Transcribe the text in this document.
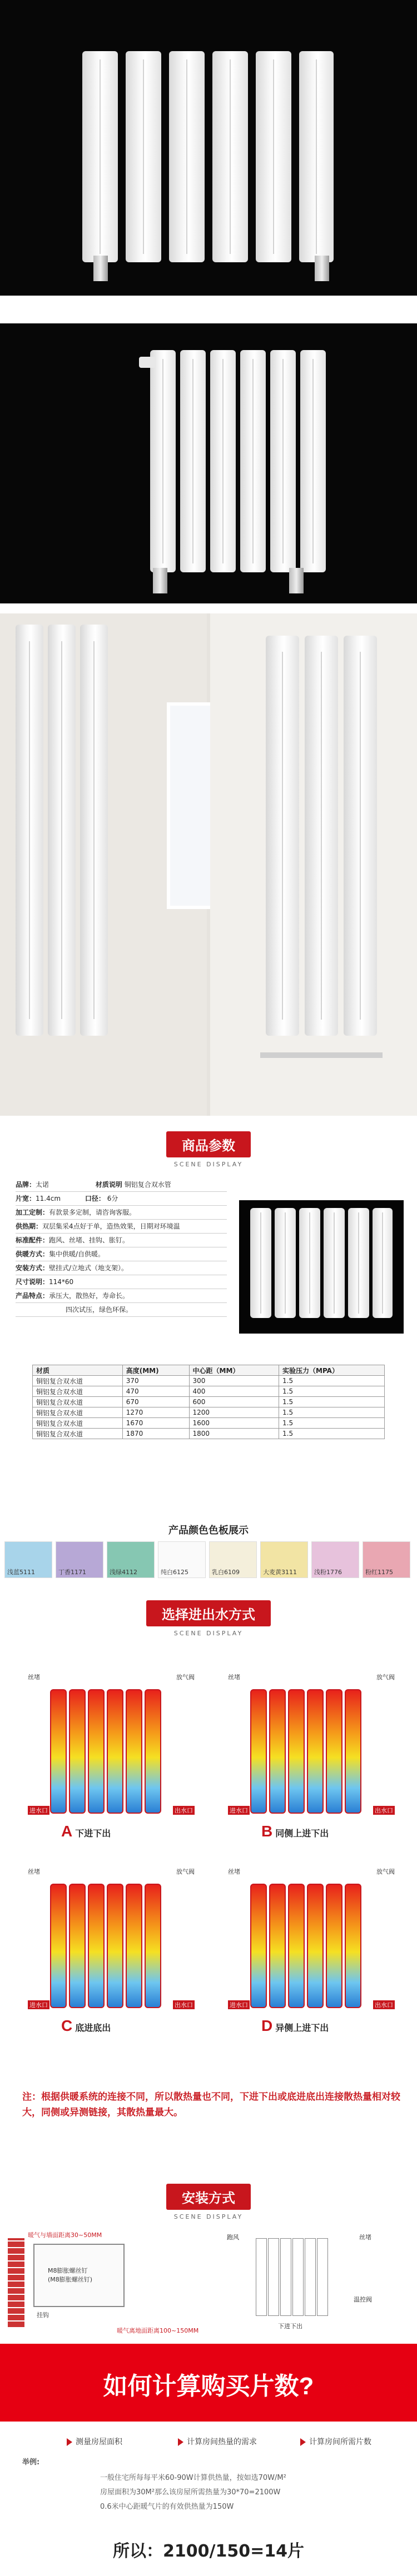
商品参数
SCENE DISPLAY
品牌：太诺	材质说明 铜铝复合双水管
片宽：11.4cm	口径： 6分
加工定制：有款景多定制，请咨询客服。
供热期：双层集采4点好于单，造热效果，日期对环境温
标准配件：跑风、丝堵、挂钩、胀钉。
供暖方式：集中供暖/自供暖。
安装方式：壁挂式/立地式（地支架）。
尺寸说明：114*60
产品特点：承压大，散热好，寿命长。
四次试压，绿色环保。
材质	高度(MM)	中心距（MM）	实验压力（MPA）
铜铝复合双水道	370	300	1.5
铜铝复合双水道	470	400	1.5
铜铝复合双水道	670	600	1.5
铜铝复合双水道	1270	1200	1.5
铜铝复合双水道	1670	1600	1.5
铜铝复合双水道	1870	1800	1.5
产品颜色色板展示
浅蓝5111	丁香1171	浅绿4112	纯白6125	乳白6109	大麦黄3111	浅粉1776	粉红1175
选择进出水方式
SCENE DISPLAY
丝堵	放气阀
进水口	出水口
A 下进下出
丝堵	放气阀
进水口	出水口
B 同侧上进下出
丝堵	放气阀
进水口	出水口
C 底进底出
丝堵	放气阀
进水口	出水口
D 异侧上进下出
注：根据供暖系统的连接不同，所以散热量也不同，下进下出或底进底出连接散热量相对较大，同侧或异测链接，其散热量最大。
安装方式
SCENE DISPLAY
暖气与墙面距离30~50MM
M8膨胀螺丝钉
(M8膨胀螺丝钉)
挂钩
暖气离地面距离100~150MM
跑风	丝堵
温控阀
下进下出
如何计算购买片数?
测量房屋面积	计算房间热量的需求	计算房间所需片数
举例:
一般住宅所每每平米60-90W计算供热量，按如选70W/M²
房屋面积为30M²那么该房屋所需热量为30*70=2100W
0.6米中心距暖气片的有效供热量为150W
所以：2100/150=14片
